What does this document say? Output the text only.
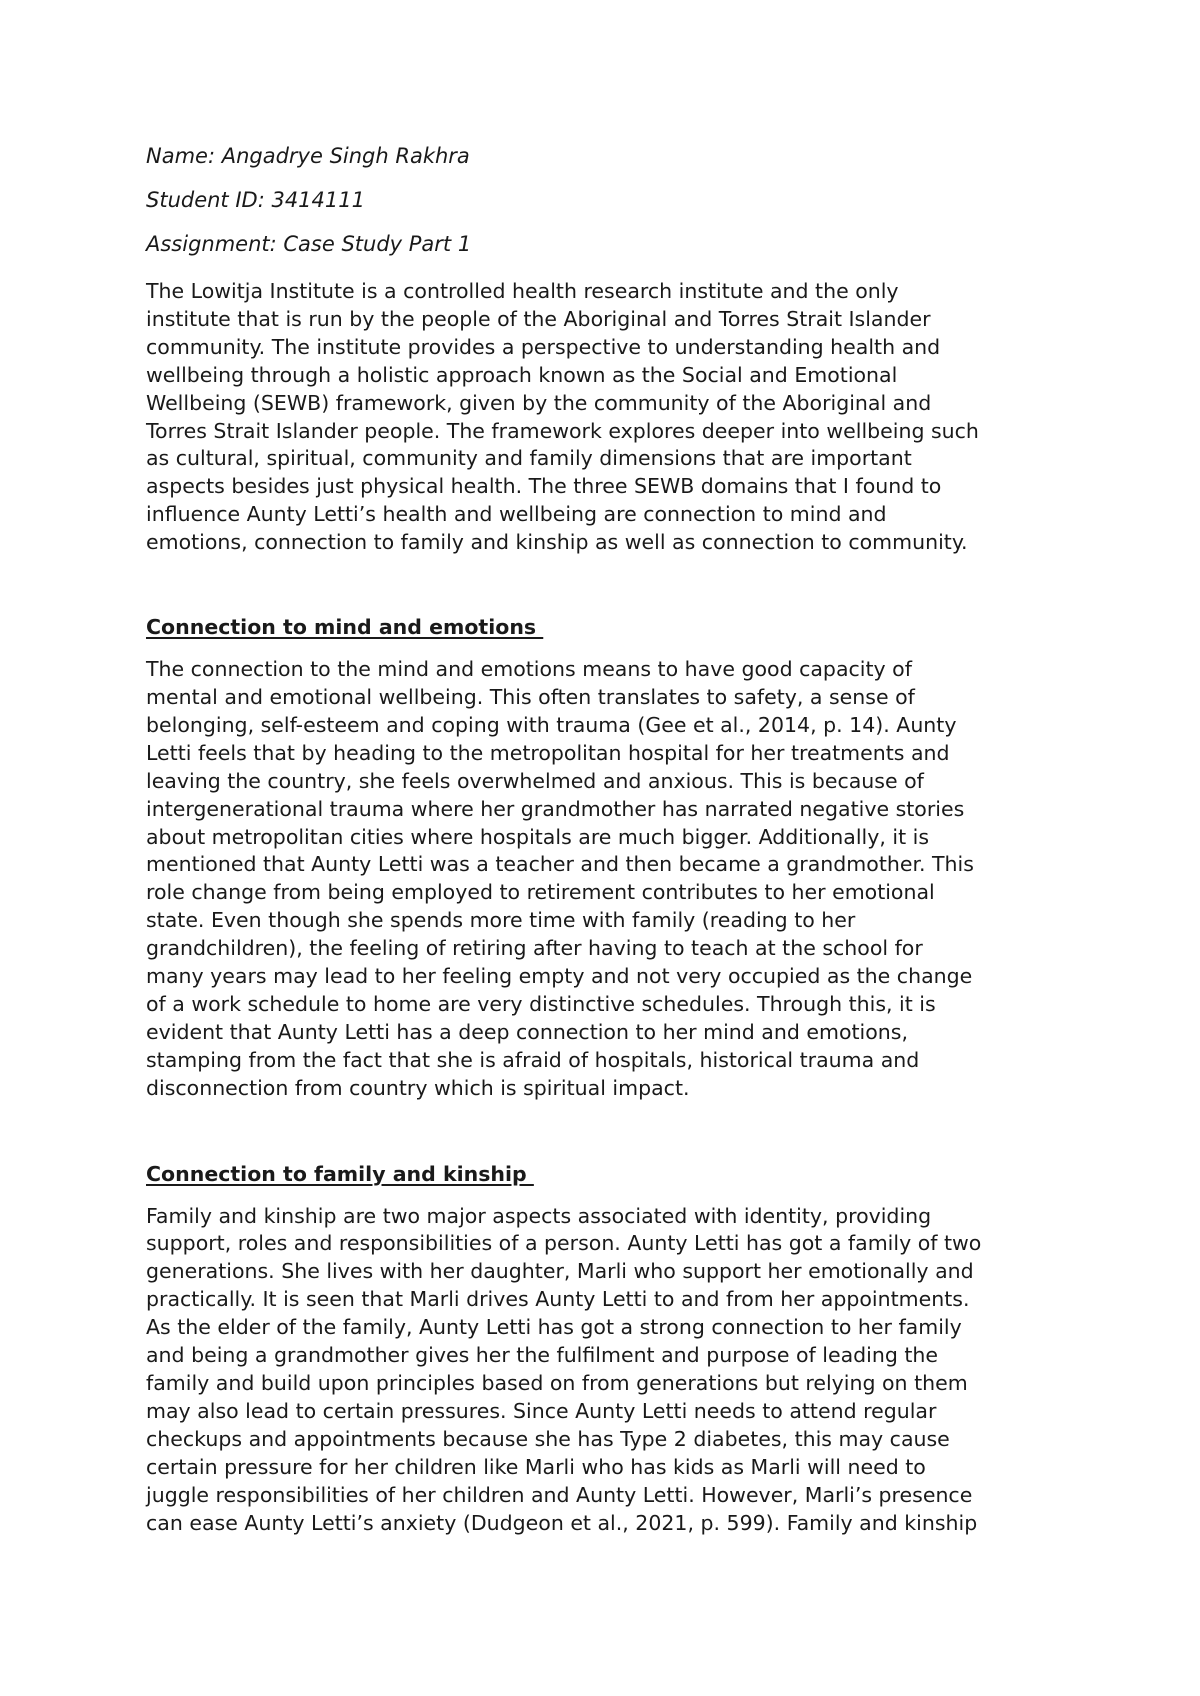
Name: Angadrye Singh Rakhra

Student ID: 3414111

Assignment: Case Study Part 1

The Lowitja Institute is a controlled health research institute and the only
institute that is run by the people of the Aboriginal and Torres Strait Islander
community. The institute provides a perspective to understanding health and
wellbeing through a holistic approach known as the Social and Emotional
Wellbeing (SEWB) framework, given by the community of the Aboriginal and
Torres Strait Islander people. The framework explores deeper into wellbeing such
as cultural, spiritual, community and family dimensions that are important
aspects besides just physical health. The three SEWB domains that I found to
influence Aunty Letti’s health and wellbeing are connection to mind and
emotions, connection to family and kinship as well as connection to community.

Connection to mind and emotions

The connection to the mind and emotions means to have good capacity of
mental and emotional wellbeing. This often translates to safety, a sense of
belonging, self-esteem and coping with trauma (Gee et al., 2014, p. 14). Aunty
Letti feels that by heading to the metropolitan hospital for her treatments and
leaving the country, she feels overwhelmed and anxious. This is because of
intergenerational trauma where her grandmother has narrated negative stories
about metropolitan cities where hospitals are much bigger. Additionally, it is
mentioned that Aunty Letti was a teacher and then became a grandmother. This
role change from being employed to retirement contributes to her emotional
state. Even though she spends more time with family (reading to her
grandchildren), the feeling of retiring after having to teach at the school for
many years may lead to her feeling empty and not very occupied as the change
of a work schedule to home are very distinctive schedules. Through this, it is
evident that Aunty Letti has a deep connection to her mind and emotions,
stamping from the fact that she is afraid of hospitals, historical trauma and
disconnection from country which is spiritual impact.

Connection to family and kinship

Family and kinship are two major aspects associated with identity, providing
support, roles and responsibilities of a person. Aunty Letti has got a family of two
generations. She lives with her daughter, Marli who support her emotionally and
practically. It is seen that Marli drives Aunty Letti to and from her appointments.
As the elder of the family, Aunty Letti has got a strong connection to her family
and being a grandmother gives her the fulfilment and purpose of leading the
family and build upon principles based on from generations but relying on them
may also lead to certain pressures. Since Aunty Letti needs to attend regular
checkups and appointments because she has Type 2 diabetes, this may cause
certain pressure for her children like Marli who has kids as Marli will need to
juggle responsibilities of her children and Aunty Letti. However, Marli’s presence
can ease Aunty Letti’s anxiety (Dudgeon et al., 2021, p. 599). Family and kinship
